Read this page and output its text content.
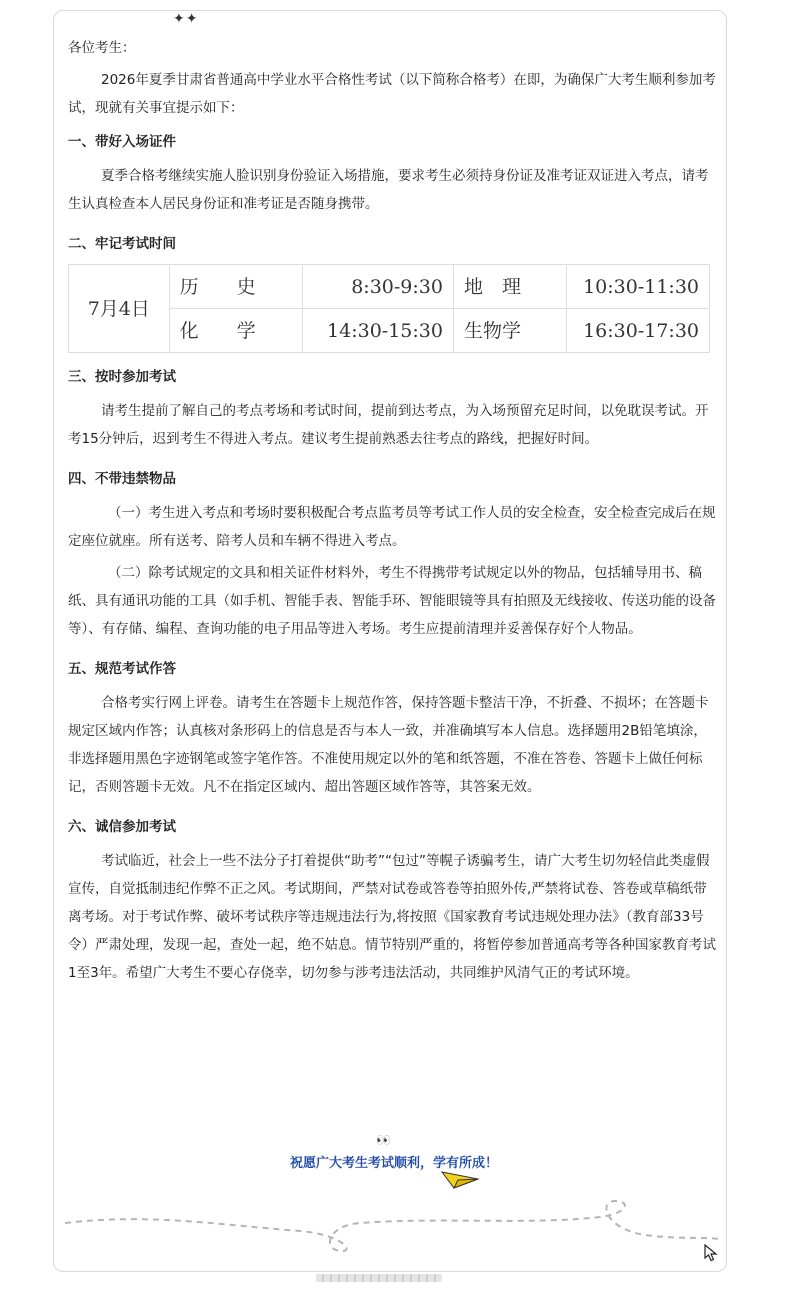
✦✦

各位考生：

2026年夏季甘肃省普通高中学业水平合格性考试（以下简称合格考）在即，为确保广大考生顺利参加考试，现就有关事宜提示如下：

一、带好入场证件

夏季合格考继续实施人脸识别身份验证入场措施，要求考生必须持身份证及准考证双证进入考点，请考生认真检查本人居民身份证和准考证是否随身携带。

二、牢记考试时间

7月4日	历　　史	8:30-9:30	地　理	10:30-11:30
	化　　学	14:30-15:30	生物学	16:30-17:30

三、按时参加考试

请考生提前了解自己的考点考场和考试时间，提前到达考点，为入场预留充足时间，以免耽误考试。开考15分钟后，迟到考生不得进入考点。建议考生提前熟悉去往考点的路线，把握好时间。

四、不带违禁物品

（一）考生进入考点和考场时要积极配合考点监考员等考试工作人员的安全检查，安全检查完成后在规定座位就座。所有送考、陪考人员和车辆不得进入考点。

（二）除考试规定的文具和相关证件材料外，考生不得携带考试规定以外的物品，包括辅导用书、稿纸、具有通讯功能的工具（如手机、智能手表、智能手环、智能眼镜等具有拍照及无线接收、传送功能的设备等）、有存储、编程、查询功能的电子用品等进入考场。考生应提前清理并妥善保存好个人物品。

五、规范考试作答

合格考实行网上评卷。请考生在答题卡上规范作答，保持答题卡整洁干净，不折叠、不损坏；在答题卡规定区域内作答；认真核对条形码上的信息是否与本人一致，并准确填写本人信息。选择题用2B铅笔填涂，非选择题用黑色字迹钢笔或签字笔作答。不准使用规定以外的笔和纸答题，不准在答卷、答题卡上做任何标记，否则答题卡无效。凡不在指定区域内、超出答题区域作答等，其答案无效。

六、诚信参加考试

考试临近，社会上一些不法分子打着提供“助考”“包过”等幌子诱骗考生，请广大考生切勿轻信此类虚假宣传，自觉抵制违纪作弊不正之风。考试期间，严禁对试卷或答卷等拍照外传,严禁将试卷、答卷或草稿纸带离考场。对于考试作弊、破坏考试秩序等违规违法行为,将按照《国家教育考试违规处理办法》（教育部33号令）严肃处理，发现一起，查处一起，绝不姑息。情节特别严重的，将暂停参加普通高考等各种国家教育考试1至3年。希望广大考生不要心存侥幸，切勿参与涉考违法活动，共同维护风清气正的考试环境。

👀
祝愿广大考生考试顺利，学有所成！
